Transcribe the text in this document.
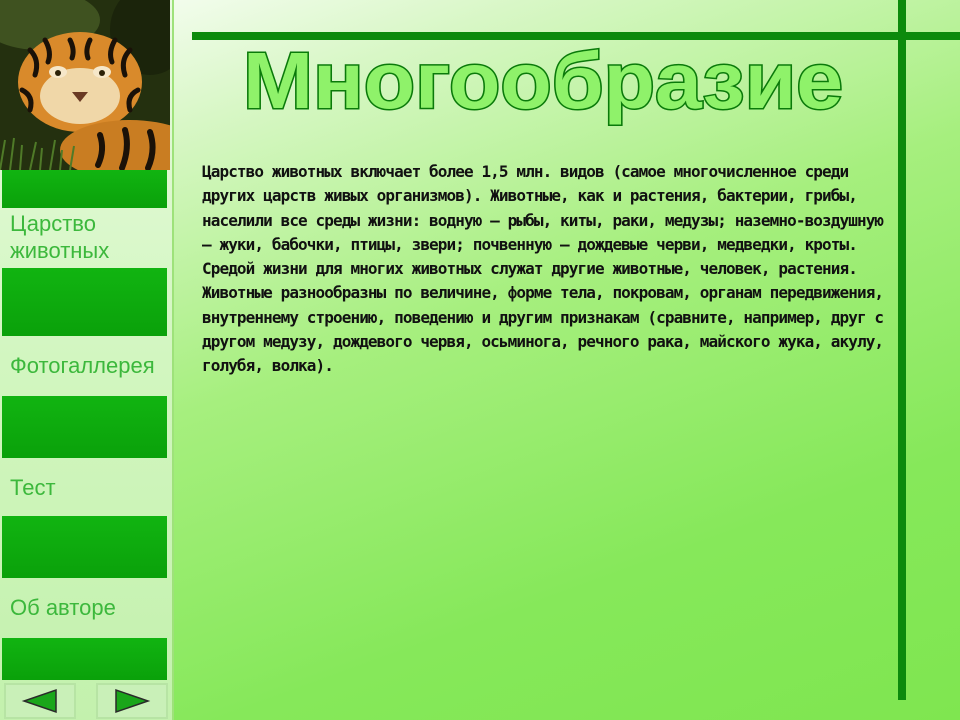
Царство
животных
Фотогаллерея
Тест
Об авторе
Многообразие

Царство животных включает более 1,5 млн. видов (самое многочисленное среди других царств живых организмов). Животные, как и растения, бактерии, грибы, населили все среды жизни: водную — рыбы, киты, раки, медузы; наземно-воздушную — жуки, бабочки, птицы, звери; почвенную — дождевые черви, медведки, кроты. Средой жизни для многих животных служат другие животные, человек, растения.

Животные разнообразны по величине, форме тела, покровам, органам передвижения, внутреннему строению, поведению и другим признакам (сравните, например, друг с другом медузу, дождевого червя, осьминога, речного рака, майского жука, акулу, голубя, волка).
